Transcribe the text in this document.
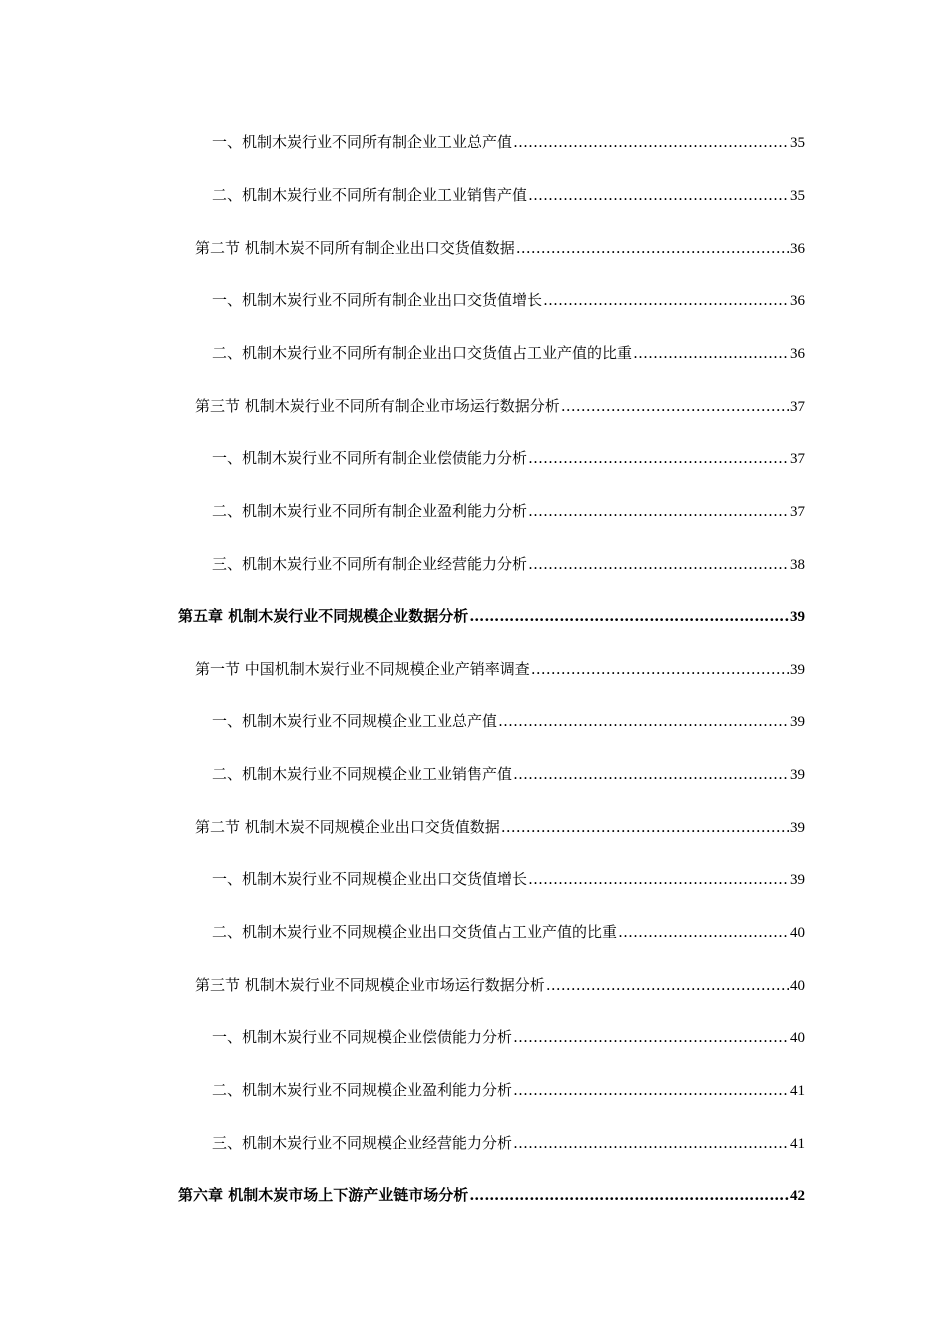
一、机制木炭行业不同所有制企业工业总产值 …………………………………………………………………………………………………………………………………………………………………………	35
二、机制木炭行业不同所有制企业工业销售产值 …………………………………………………………………………………………………………………………………………………………………………	35
第二节 机制木炭不同所有制企业出口交货值数据 …………………………………………………………………………………………………………………………………………………………………………	36
一、机制木炭行业不同所有制企业出口交货值增长 …………………………………………………………………………………………………………………………………………………………………………	36
二、机制木炭行业不同所有制企业出口交货值占工业产值的比重 …………………………………………………………………………………………………………………………………………………………………………	36
第三节 机制木炭行业不同所有制企业市场运行数据分析 …………………………………………………………………………………………………………………………………………………………………………	37
一、机制木炭行业不同所有制企业偿债能力分析 …………………………………………………………………………………………………………………………………………………………………………	37
二、机制木炭行业不同所有制企业盈利能力分析 …………………………………………………………………………………………………………………………………………………………………………	37
三、机制木炭行业不同所有制企业经营能力分析 …………………………………………………………………………………………………………………………………………………………………………	38
第五章 机制木炭行业不同规模企业数据分析 …………………………………………………………………………………………………………………………………………………………………………	39
第一节 中国机制木炭行业不同规模企业产销率调查 …………………………………………………………………………………………………………………………………………………………………………	39
一、机制木炭行业不同规模企业工业总产值 …………………………………………………………………………………………………………………………………………………………………………	39
二、机制木炭行业不同规模企业工业销售产值 …………………………………………………………………………………………………………………………………………………………………………	39
第二节 机制木炭不同规模企业出口交货值数据 …………………………………………………………………………………………………………………………………………………………………………	39
一、机制木炭行业不同规模企业出口交货值增长 …………………………………………………………………………………………………………………………………………………………………………	39
二、机制木炭行业不同规模企业出口交货值占工业产值的比重 …………………………………………………………………………………………………………………………………………………………………………	40
第三节 机制木炭行业不同规模企业市场运行数据分析 …………………………………………………………………………………………………………………………………………………………………………	40
一、机制木炭行业不同规模企业偿债能力分析 …………………………………………………………………………………………………………………………………………………………………………	40
二、机制木炭行业不同规模企业盈利能力分析 …………………………………………………………………………………………………………………………………………………………………………	41
三、机制木炭行业不同规模企业经营能力分析 …………………………………………………………………………………………………………………………………………………………………………	41
第六章 机制木炭市场上下游产业链市场分析 …………………………………………………………………………………………………………………………………………………………………………	42
